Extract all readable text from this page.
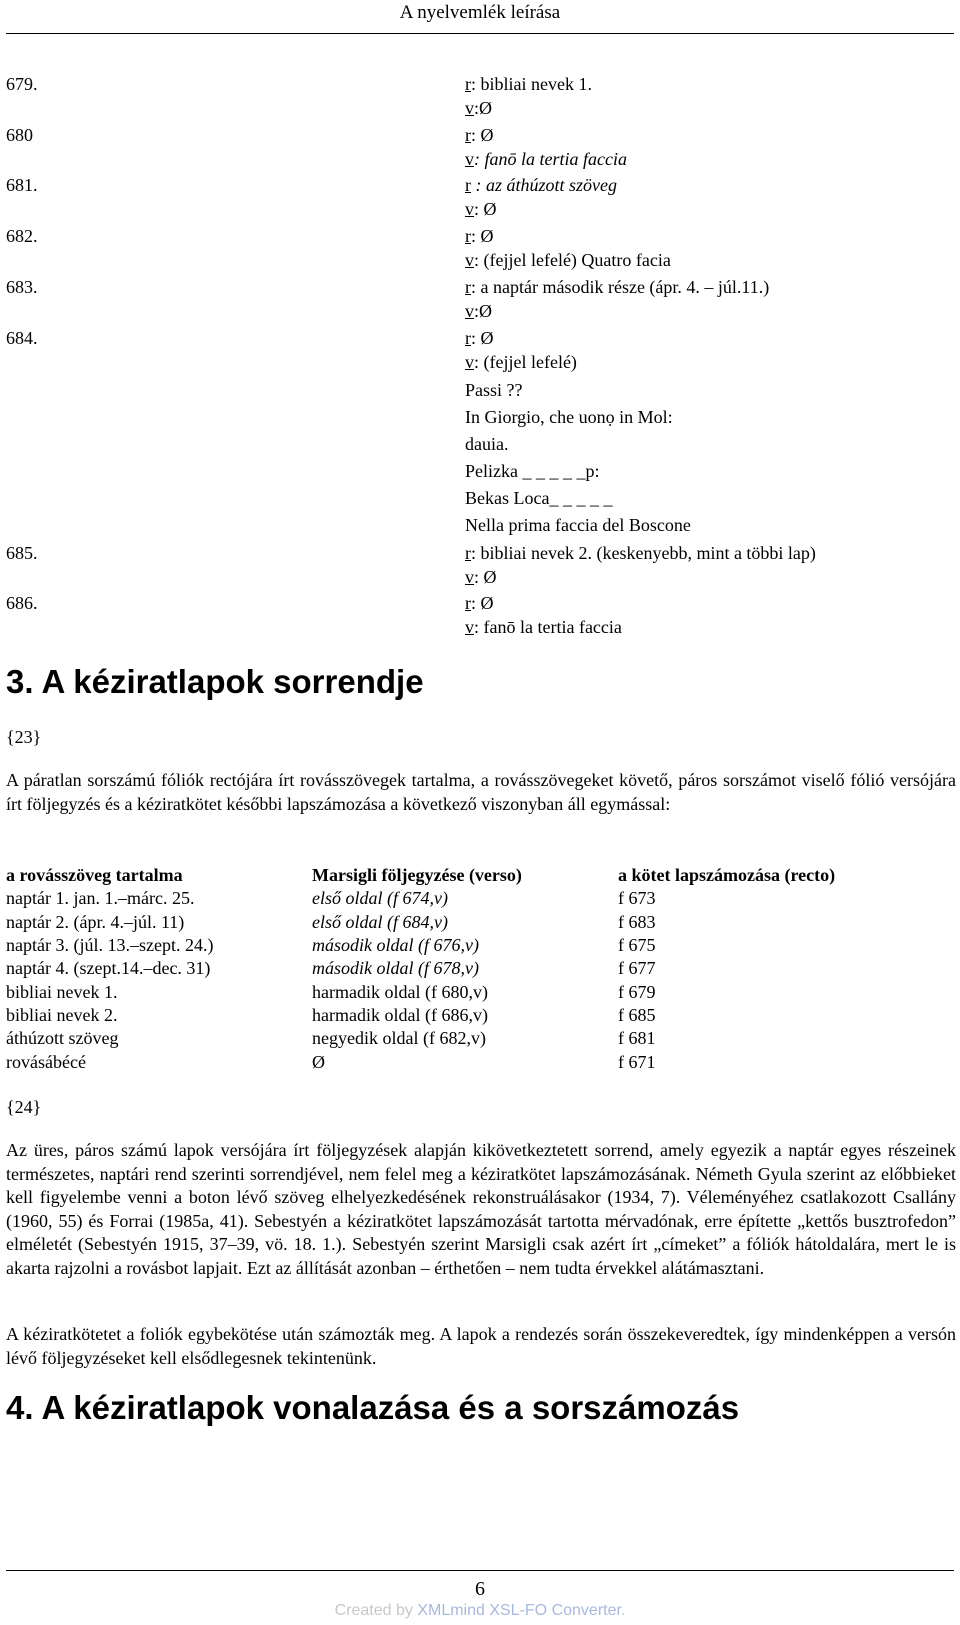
A nyelvemlék leírása
679.	r: bibliai nevek 1.
v:Ø
680	r: Ø
v: fanō la tertia faccia
681.	r : az áthúzott szöveg
v: Ø
682.	r: Ø
v: (fejjel lefelé) Quatro facia
683.	r: a naptár második része (ápr. 4. – júl.11.)
v:Ø
684.	r: Ø
v: (fejjel lefelé)
Passi ??
In Giorgio, che uonọ in Mol:
dauia.
Pelizka _ _ _ _ _p:
Bekas Loca_ _ _ _ _
Nella prima faccia del Boscone
685.	r: bibliai nevek 2. (keskenyebb, mint a többi lap)
v: Ø
686.	r: Ø
v: fanō la tertia faccia
3. A kéziratlapok sorrendje
{23}
A páratlan sorszámú fóliók rectójára írt rovásszövegek tartalma, a rovásszövegeket követő, páros sorszámot viselő fólió versójára írt följegyzés és a kéziratkötet későbbi lapszámozása a következő viszonyban áll egymással:
a rovásszöveg tartalma	Marsigli följegyzése (verso)	a kötet lapszámozása (recto)
naptár 1. jan. 1.–márc. 25.	első oldal (f 674,v)	f 673
naptár 2. (ápr. 4.–júl. 11)	első oldal (f 684,v)	f 683
naptár 3. (júl. 13.–szept. 24.)	második oldal (f 676,v)	f 675
naptár 4. (szept.14.–dec. 31)	második oldal (f 678,v)	f 677
bibliai nevek 1.	harmadik oldal (f 680,v)	f 679
bibliai nevek 2.	harmadik oldal (f 686,v)	f 685
áthúzott szöveg	negyedik oldal (f 682,v)	f 681
rovásábécé	Ø	f 671
{24}
Az üres, páros számú lapok versójára írt följegyzések alapján kikövetkeztetett sorrend, amely egyezik a naptár egyes részeinek természetes, naptári rend szerinti sorrendjével, nem felel meg a kéziratkötet lapszámozásának. Németh Gyula szerint az előbbieket kell figyelembe venni a boton lévő szöveg elhelyezkedésének rekonstruálásakor (1934, 7). Véleményéhez csatlakozott Csallány (1960, 55) és Forrai (1985a, 41). Sebestyén a kéziratkötet lapszámozását tartotta mérvadónak, erre építette „kettős busztrofedon” elméletét (Sebestyén 1915, 37–39, vö. 18. 1.). Sebestyén szerint Marsigli csak azért írt „címeket” a fóliók hátoldalára, mert le is akarta rajzolni a rovásbot lapjait. Ezt az állítását azonban – érthetően – nem tudta érvekkel alátámasztani.
A kéziratkötetet a foliók egybekötése után számozták meg. A lapok a rendezés során összekeveredtek, így mindenképpen a versón lévő följegyzéseket kell elsődlegesnek tekintenünk.
4. A kéziratlapok vonalazása és a sorszámozás
6
Created by XMLmind XSL-FO Converter.
